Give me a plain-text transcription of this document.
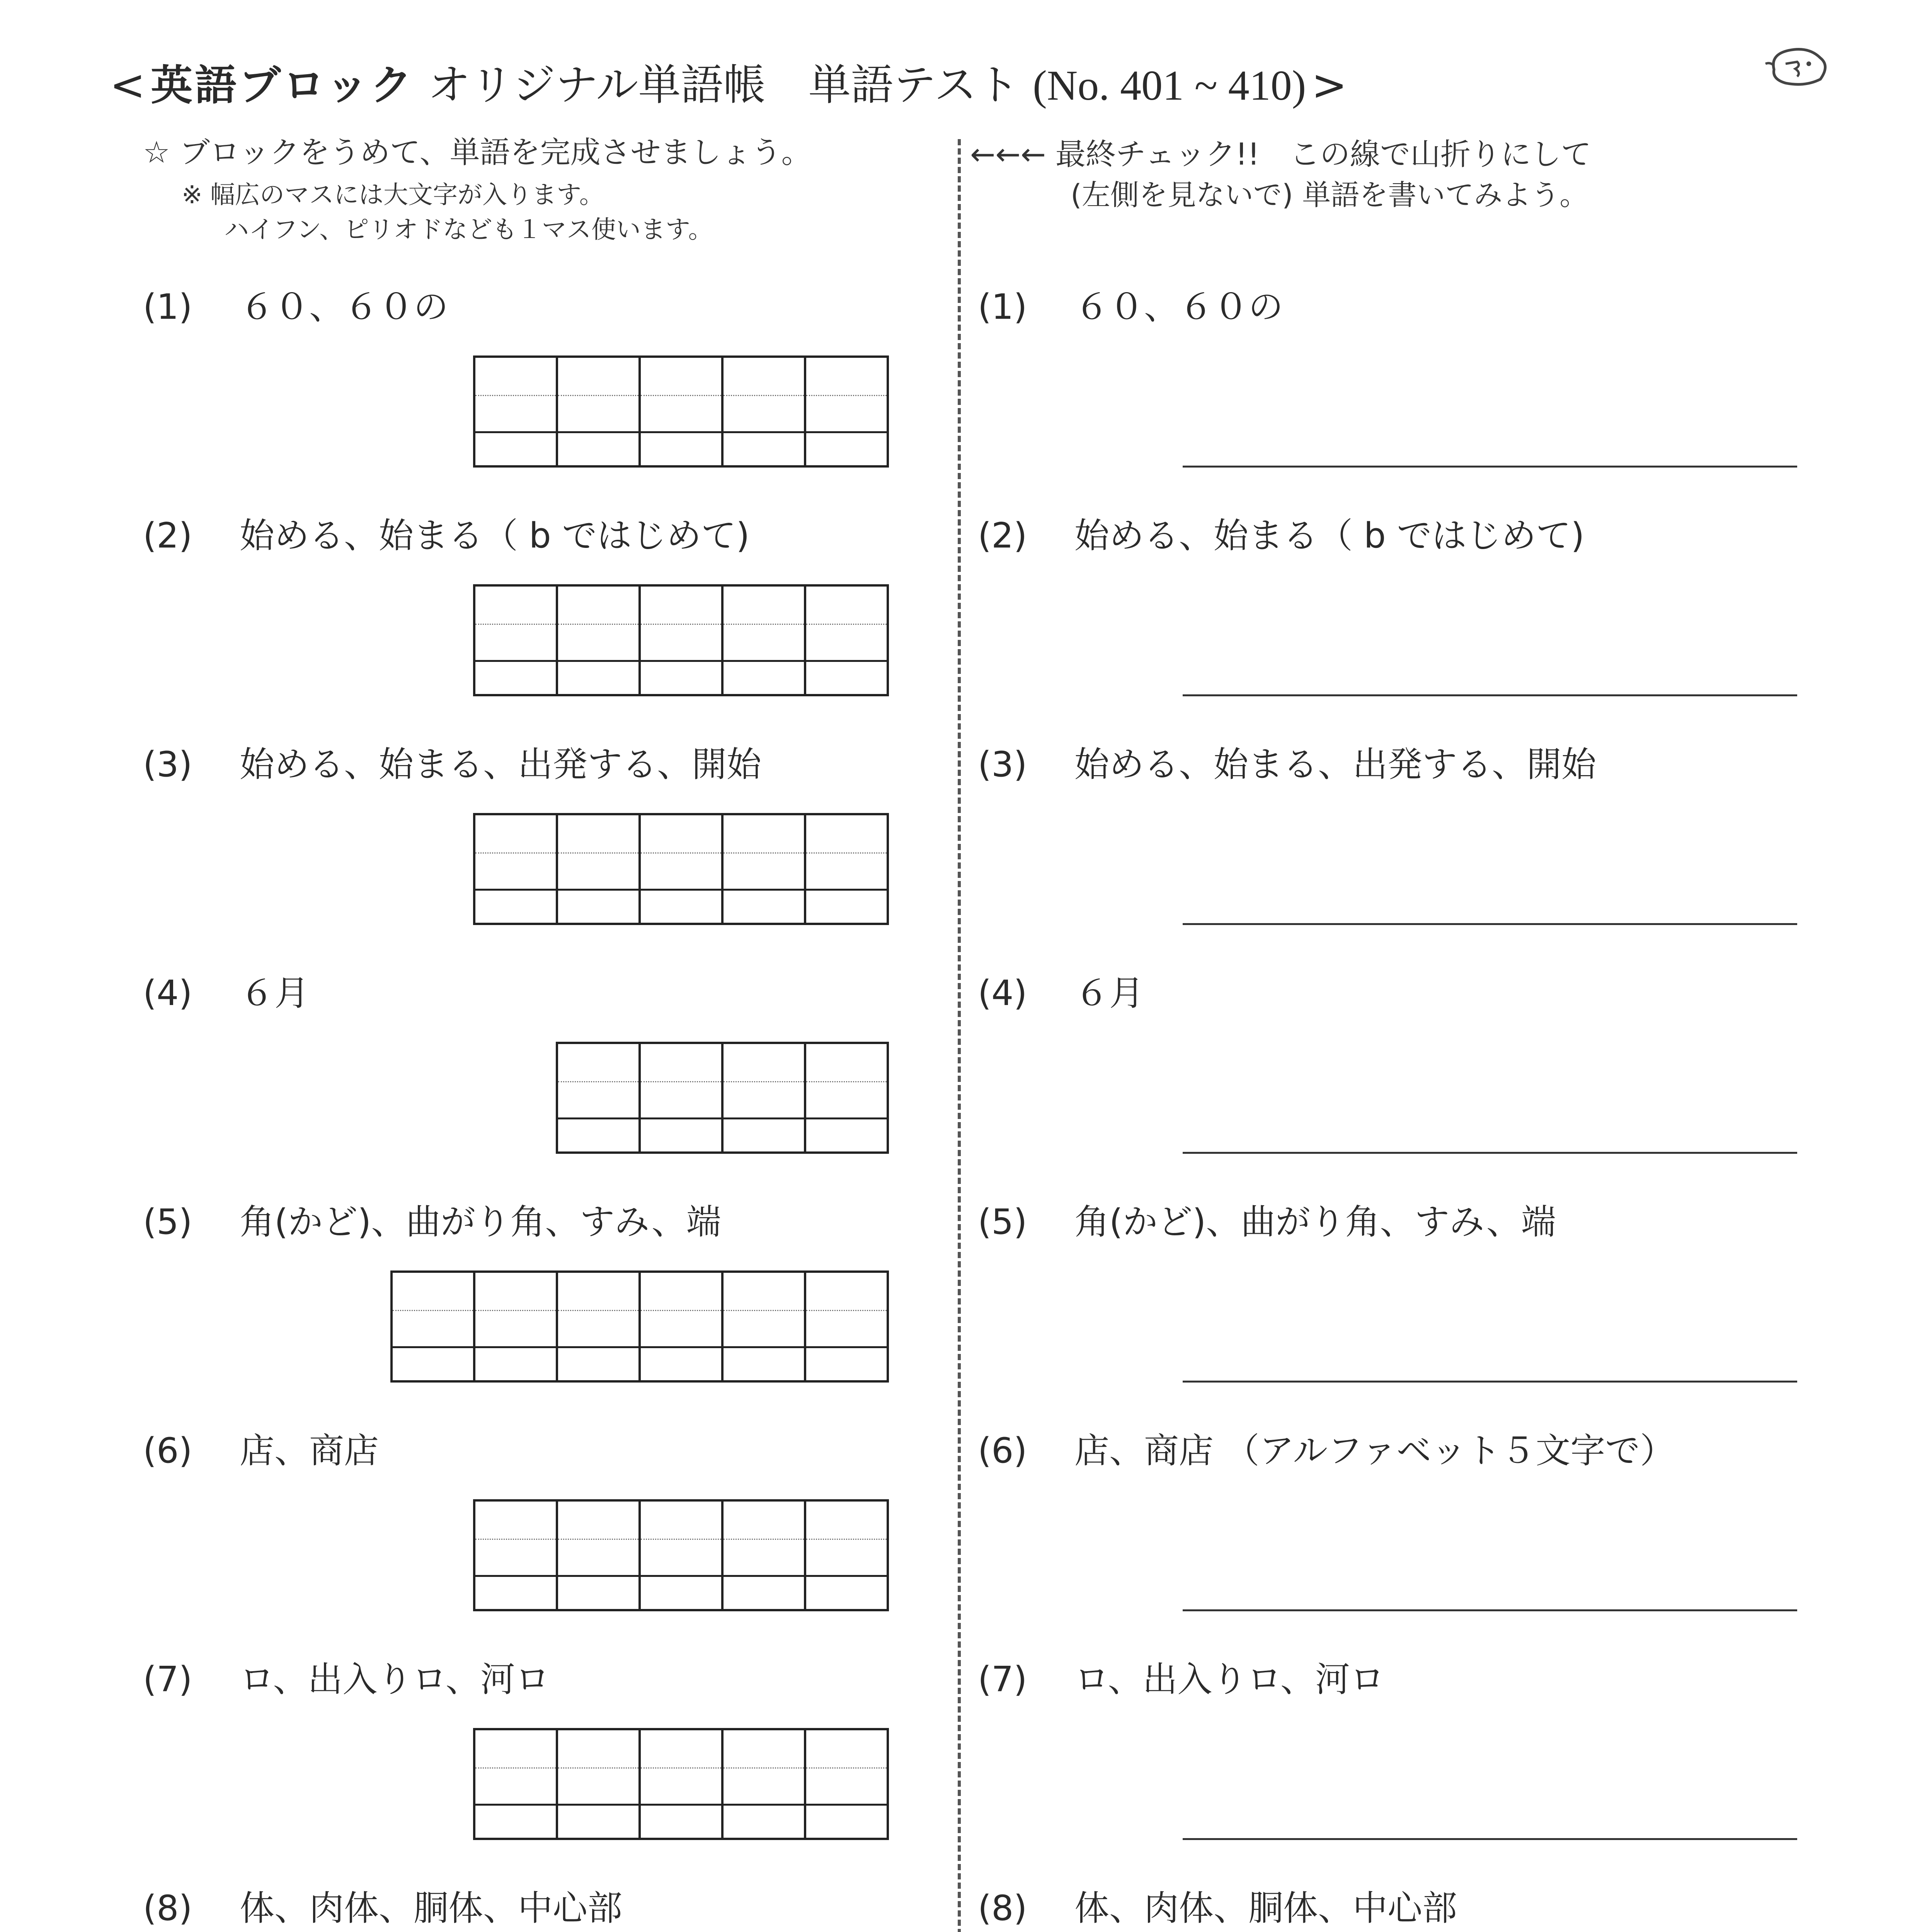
< 英語ブロック オリジナル単語帳　単語テスト (No. 401 ~ 410) >
☆ ブロックをうめて、単語を完成させましょう。
※ 幅広のマスには大文字が入ります。
ハイフン、ピリオドなども１マス使います。
←←← 最終チェック!!　この線で山折りにして
(左側を見ないで) 単語を書いてみよう。
(1) ６０、６０の
(2) 始める、始まる（ b ではじめて)
(3) 始める、始まる、出発する、開始
(4) ６月
(5) 角(かど)、曲がり角、すみ、端
(6) 店、商店
(7) ロ、出入りロ、河ロ
(8) 体、肉体、胴体、中心部
(1) ６０、６０の
(2) 始める、始まる（ b ではじめて)
(3) 始める、始まる、出発する、開始
(4) ６月
(5) 角(かど)、曲がり角、すみ、端
(6) 店、商店 （アルファベット５文字で）
(7) ロ、出入りロ、河ロ
(8) 体、肉体、胴体、中心部
